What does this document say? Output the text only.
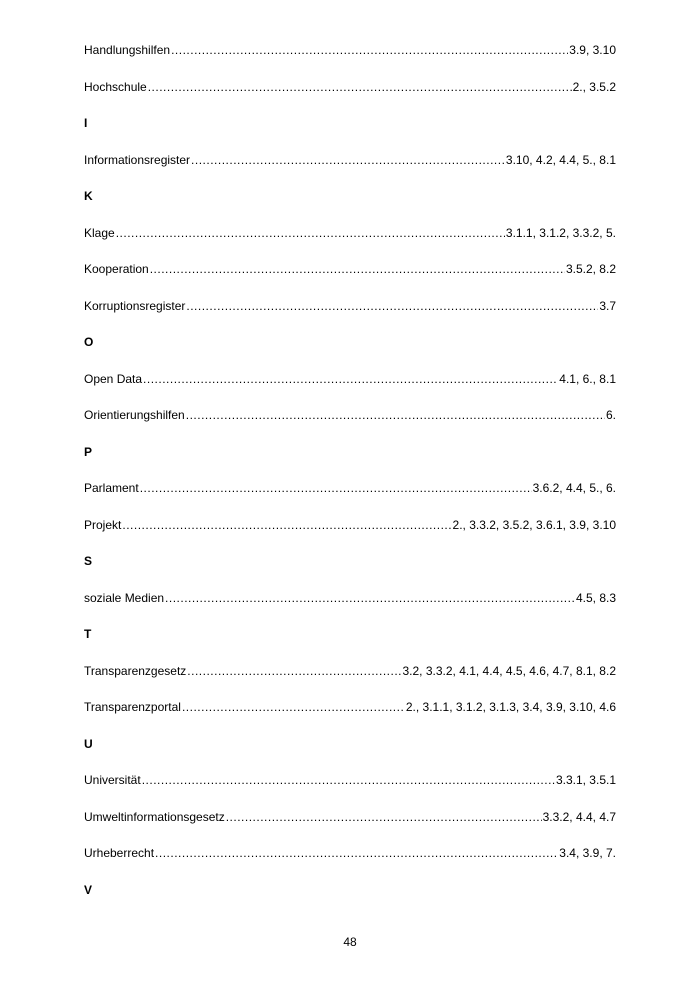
Handlungshilfen .....	3.9, 3.10
Hochschule .....	2., 3.5.2
I
Informationsregister .....	3.10, 4.2, 4.4, 5., 8.1
K
Klage .....	3.1.1, 3.1.2, 3.3.2, 5.
Kooperation .....	3.5.2, 8.2
Korruptionsregister .....	3.7
O
Open Data .....	4.1, 6., 8.1
Orientierungshilfen .....	6.
P
Parlament .....	3.6.2, 4.4, 5., 6.
Projekt .....	2., 3.3.2, 3.5.2, 3.6.1, 3.9, 3.10
S
soziale Medien .....	4.5, 8.3
T
Transparenzgesetz .....	3.2, 3.3.2, 4.1, 4.4, 4.5, 4.6, 4.7, 8.1, 8.2
Transparenzportal .....	2., 3.1.1, 3.1.2, 3.1.3, 3.4, 3.9, 3.10, 4.6
U
Universität .....	3.3.1, 3.5.1
Umweltinformationsgesetz .....	3.3.2, 4.4, 4.7
Urheberrecht .....	3.4, 3.9, 7.
V
48
